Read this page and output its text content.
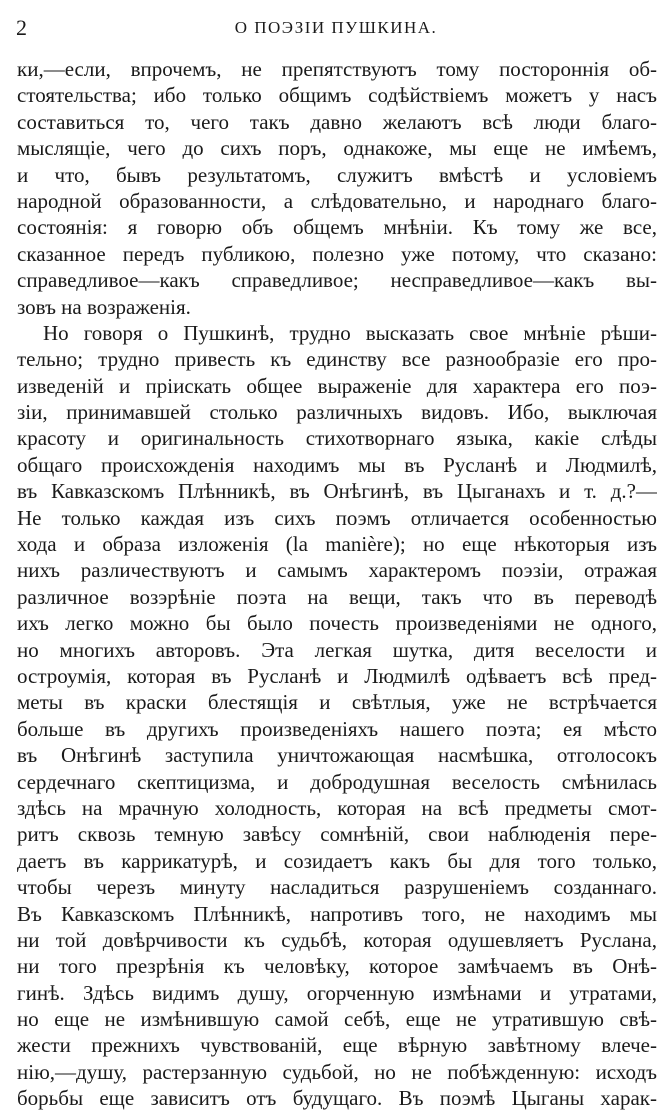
2	О ПОЭЗІИ ПУШКИНА.
ки,—если, впрочемъ, не препятствуютъ тому постороннія об-
стоятельства; ибо только общимъ содѣйствіемъ можетъ у насъ
составиться то, чего такъ давно желаютъ всѣ люди благо-
мыслящіе, чего до сихъ поръ, однакоже, мы еще не имѣемъ,
и что, бывъ результатомъ, служитъ вмѣстѣ и условіемъ
народной образованности, а слѣдовательно, и народнаго благо-
состоянія: я говорю объ общемъ мнѣніи. Къ тому же все,
сказанное передъ публикою, полезно уже потому, что сказано:
справедливое—какъ справедливое; несправедливое—какъ вы-
зовъ на возраженія.
Но говоря о Пушкинѣ, трудно высказать свое мнѣніе рѣши-
тельно; трудно привесть къ единству все разнообразіе его про-
изведеній и пріискать общее выраженіе для характера его поэ-
зіи, принимавшей столько различныхъ видовъ. Ибо, выключая
красоту и оригинальность стихотворнаго языка, какіе слѣды
общаго происхожденія находимъ мы въ Русланѣ и Людмилѣ,
въ Кавказскомъ Плѣнникѣ, въ Онѣгинѣ, въ Цыганахъ и т. д.?—
Не только каждая изъ сихъ поэмъ отличается особенностью
хода и образа изложенія (la manière); но еще нѣкоторыя изъ
нихъ различествуютъ и самымъ характеромъ поэзіи, отражая
различное возэрѣніе поэта на вещи, такъ что въ переводѣ
ихъ легко можно бы было почесть произведеніями не одного,
но многихъ авторовъ. Эта легкая шутка, дитя веселости и
остроумія, которая въ Русланѣ и Людмилѣ одѣваетъ всѣ пред-
меты въ краски блестящія и свѣтлыя, уже не встрѣчается
больше въ другихъ произведеніяхъ нашего поэта; ея мѣсто
въ Онѣгинѣ заступила уничтожающая насмѣшка, отголосокъ
сердечнаго скептицизма, и добродушная веселость смѣнилась
здѣсь на мрачную холодность, которая на всѣ предметы смот-
ритъ сквозь темную завѣсу сомнѣній, свои наблюденія пере-
даетъ въ каррикатурѣ, и созидаетъ какъ бы для того только,
чтобы черезъ минуту насладиться разрушеніемъ созданнаго.
Въ Кавказскомъ Плѣнникѣ, напротивъ того, не находимъ мы
ни той довѣрчивости къ судьбѣ, которая одушевляетъ Руслана,
ни того презрѣнія къ человѣку, которое замѣчаемъ въ Онѣ-
гинѣ. Здѣсь видимъ душу, огорченную измѣнами и утратами,
но еще не измѣнившую самой себѣ, еще не утратившую свѣ-
жести прежнихъ чувствованій, еще вѣрную завѣтному влече-
нію,—душу, растерзанную судьбой, но не побѣжденную: исходъ
борьбы еще зависитъ отъ будущаго. Въ поэмѣ Цыганы харак-
